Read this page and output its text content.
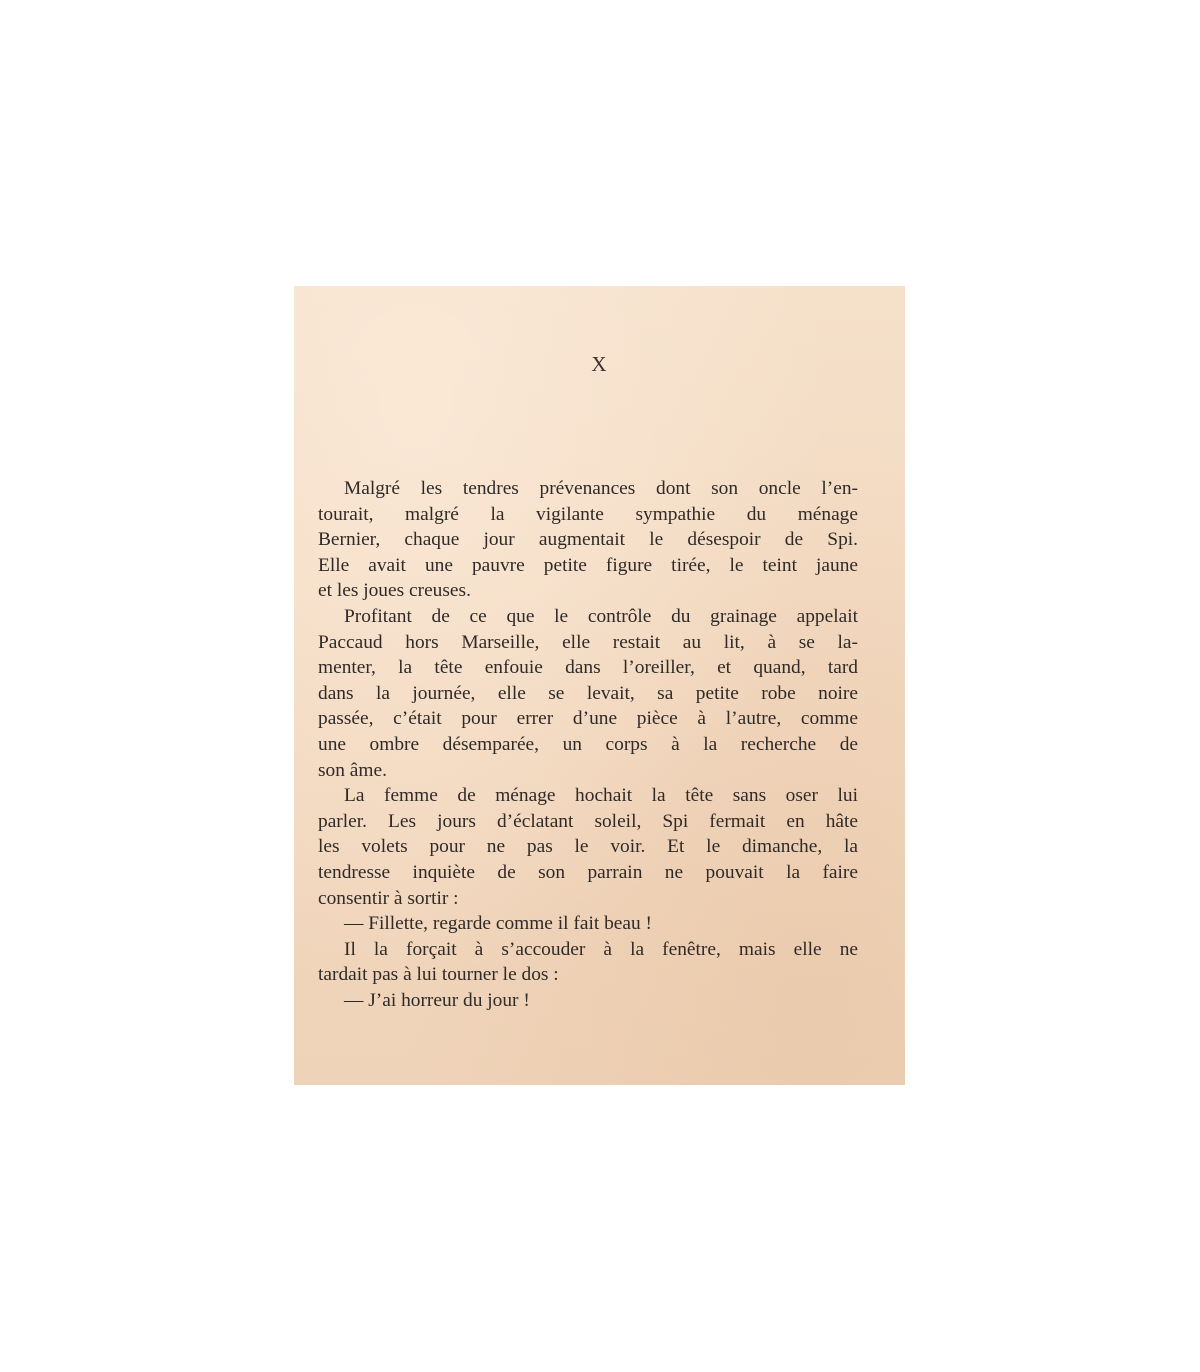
X
Malgré les tendres prévenances dont son oncle l’en-
tourait, malgré la vigilante sympathie du ménage
Bernier, chaque jour augmentait le désespoir de Spi.
Elle avait une pauvre petite figure tirée, le teint jaune
et les joues creuses.
Profitant de ce que le contrôle du grainage appelait
Paccaud hors Marseille, elle restait au lit, à se la-
menter, la tête enfouie dans l’oreiller, et quand, tard
dans la journée, elle se levait, sa petite robe noire
passée, c’était pour errer d’une pièce à l’autre, comme
une ombre désemparée, un corps à la recherche de
son âme.
La femme de ménage hochait la tête sans oser lui
parler. Les jours d’éclatant soleil, Spi fermait en hâte
les volets pour ne pas le voir. Et le dimanche, la
tendresse inquiète de son parrain ne pouvait la faire
consentir à sortir :
— Fillette, regarde comme il fait beau !
Il la forçait à s’accouder à la fenêtre, mais elle ne
tardait pas à lui tourner le dos :
— J’ai horreur du jour !
